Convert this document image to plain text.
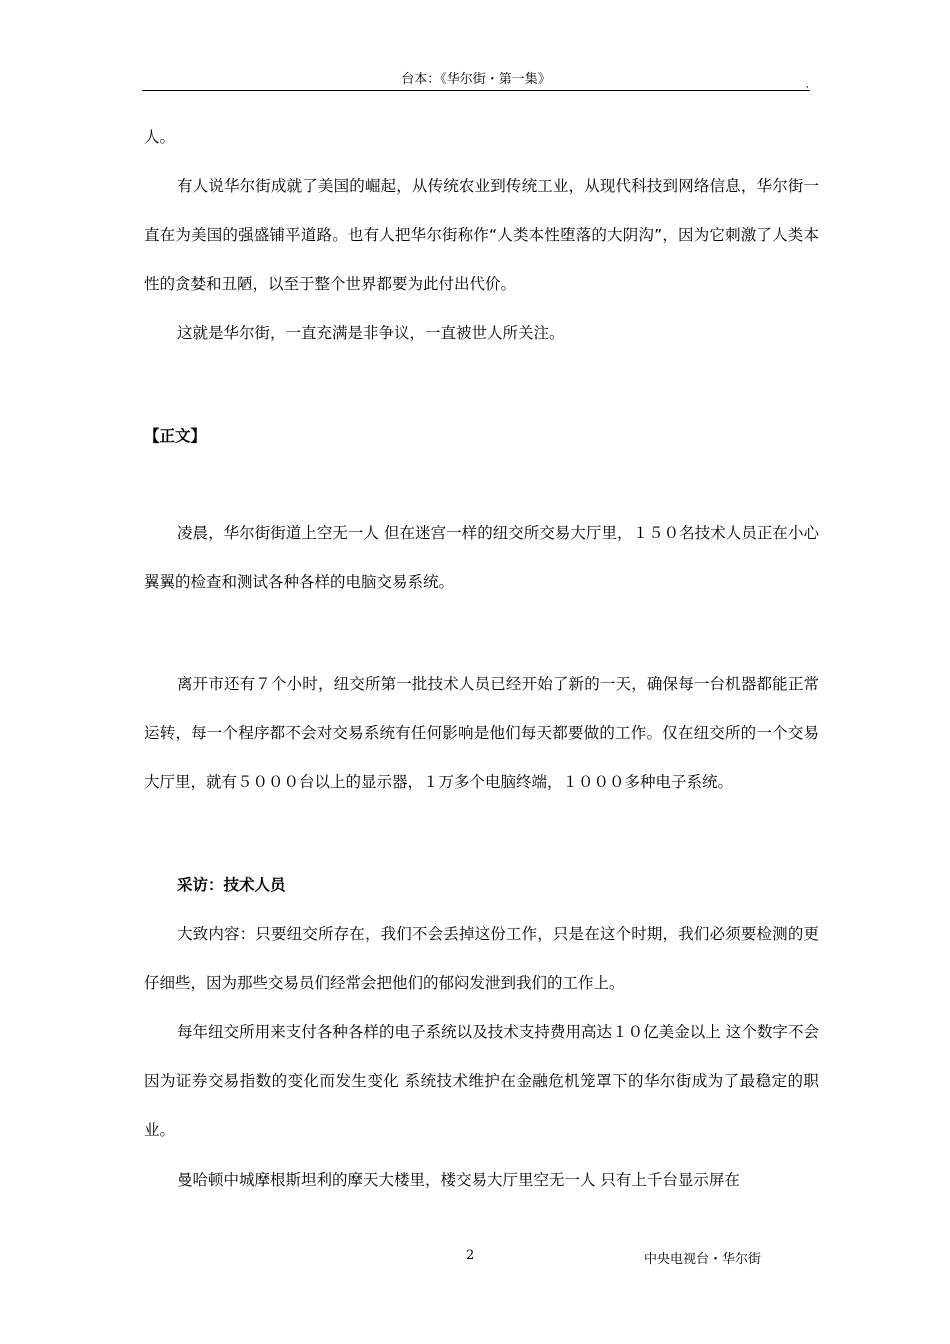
台本：《华尔街・第一集》	,

人。

有人说华尔街成就了美国的崛起，从传统农业到传统工业，从现代科技到网络信息，华尔街一直在为美国的强盛铺平道路。也有人把华尔街称作“人类本性堕落的大阴沟”，因为它刺激了人类本性的贪婪和丑陋，以至于整个世界都要为此付出代价。

这就是华尔街，一直充满是非争议，一直被世人所关注。

【正文】

凌晨，华尔街街道上空无一人 但在迷宫一样的纽交所交易大厅里，１５０名技术人员正在小心翼翼的检查和测试各种各样的电脑交易系统。

离开市还有７个小时，纽交所第一批技术人员已经开始了新的一天，确保每一台机器都能正常运转，每一个程序都不会对交易系统有任何影响是他们每天都要做的工作。仅在纽交所的一个交易大厅里，就有５０００台以上的显示器，１万多个电脑终端，１０００多种电子系统。

采访：技术人员

大致内容：只要纽交所存在，我们不会丢掉这份工作，只是在这个时期，我们必须要检测的更仔细些，因为那些交易员们经常会把他们的郁闷发泄到我们的工作上。

每年纽交所用来支付各种各样的电子系统以及技术支持费用高达１０亿美金以上 这个数字不会因为证券交易指数的变化而发生变化 系统技术维护在金融危机笼罩下的华尔街成为了最稳定的职业。

曼哈顿中城摩根斯坦利的摩天大楼里，楼交易大厅里空无一人 只有上千台显示屏在

2	中央电视台・华尔街
